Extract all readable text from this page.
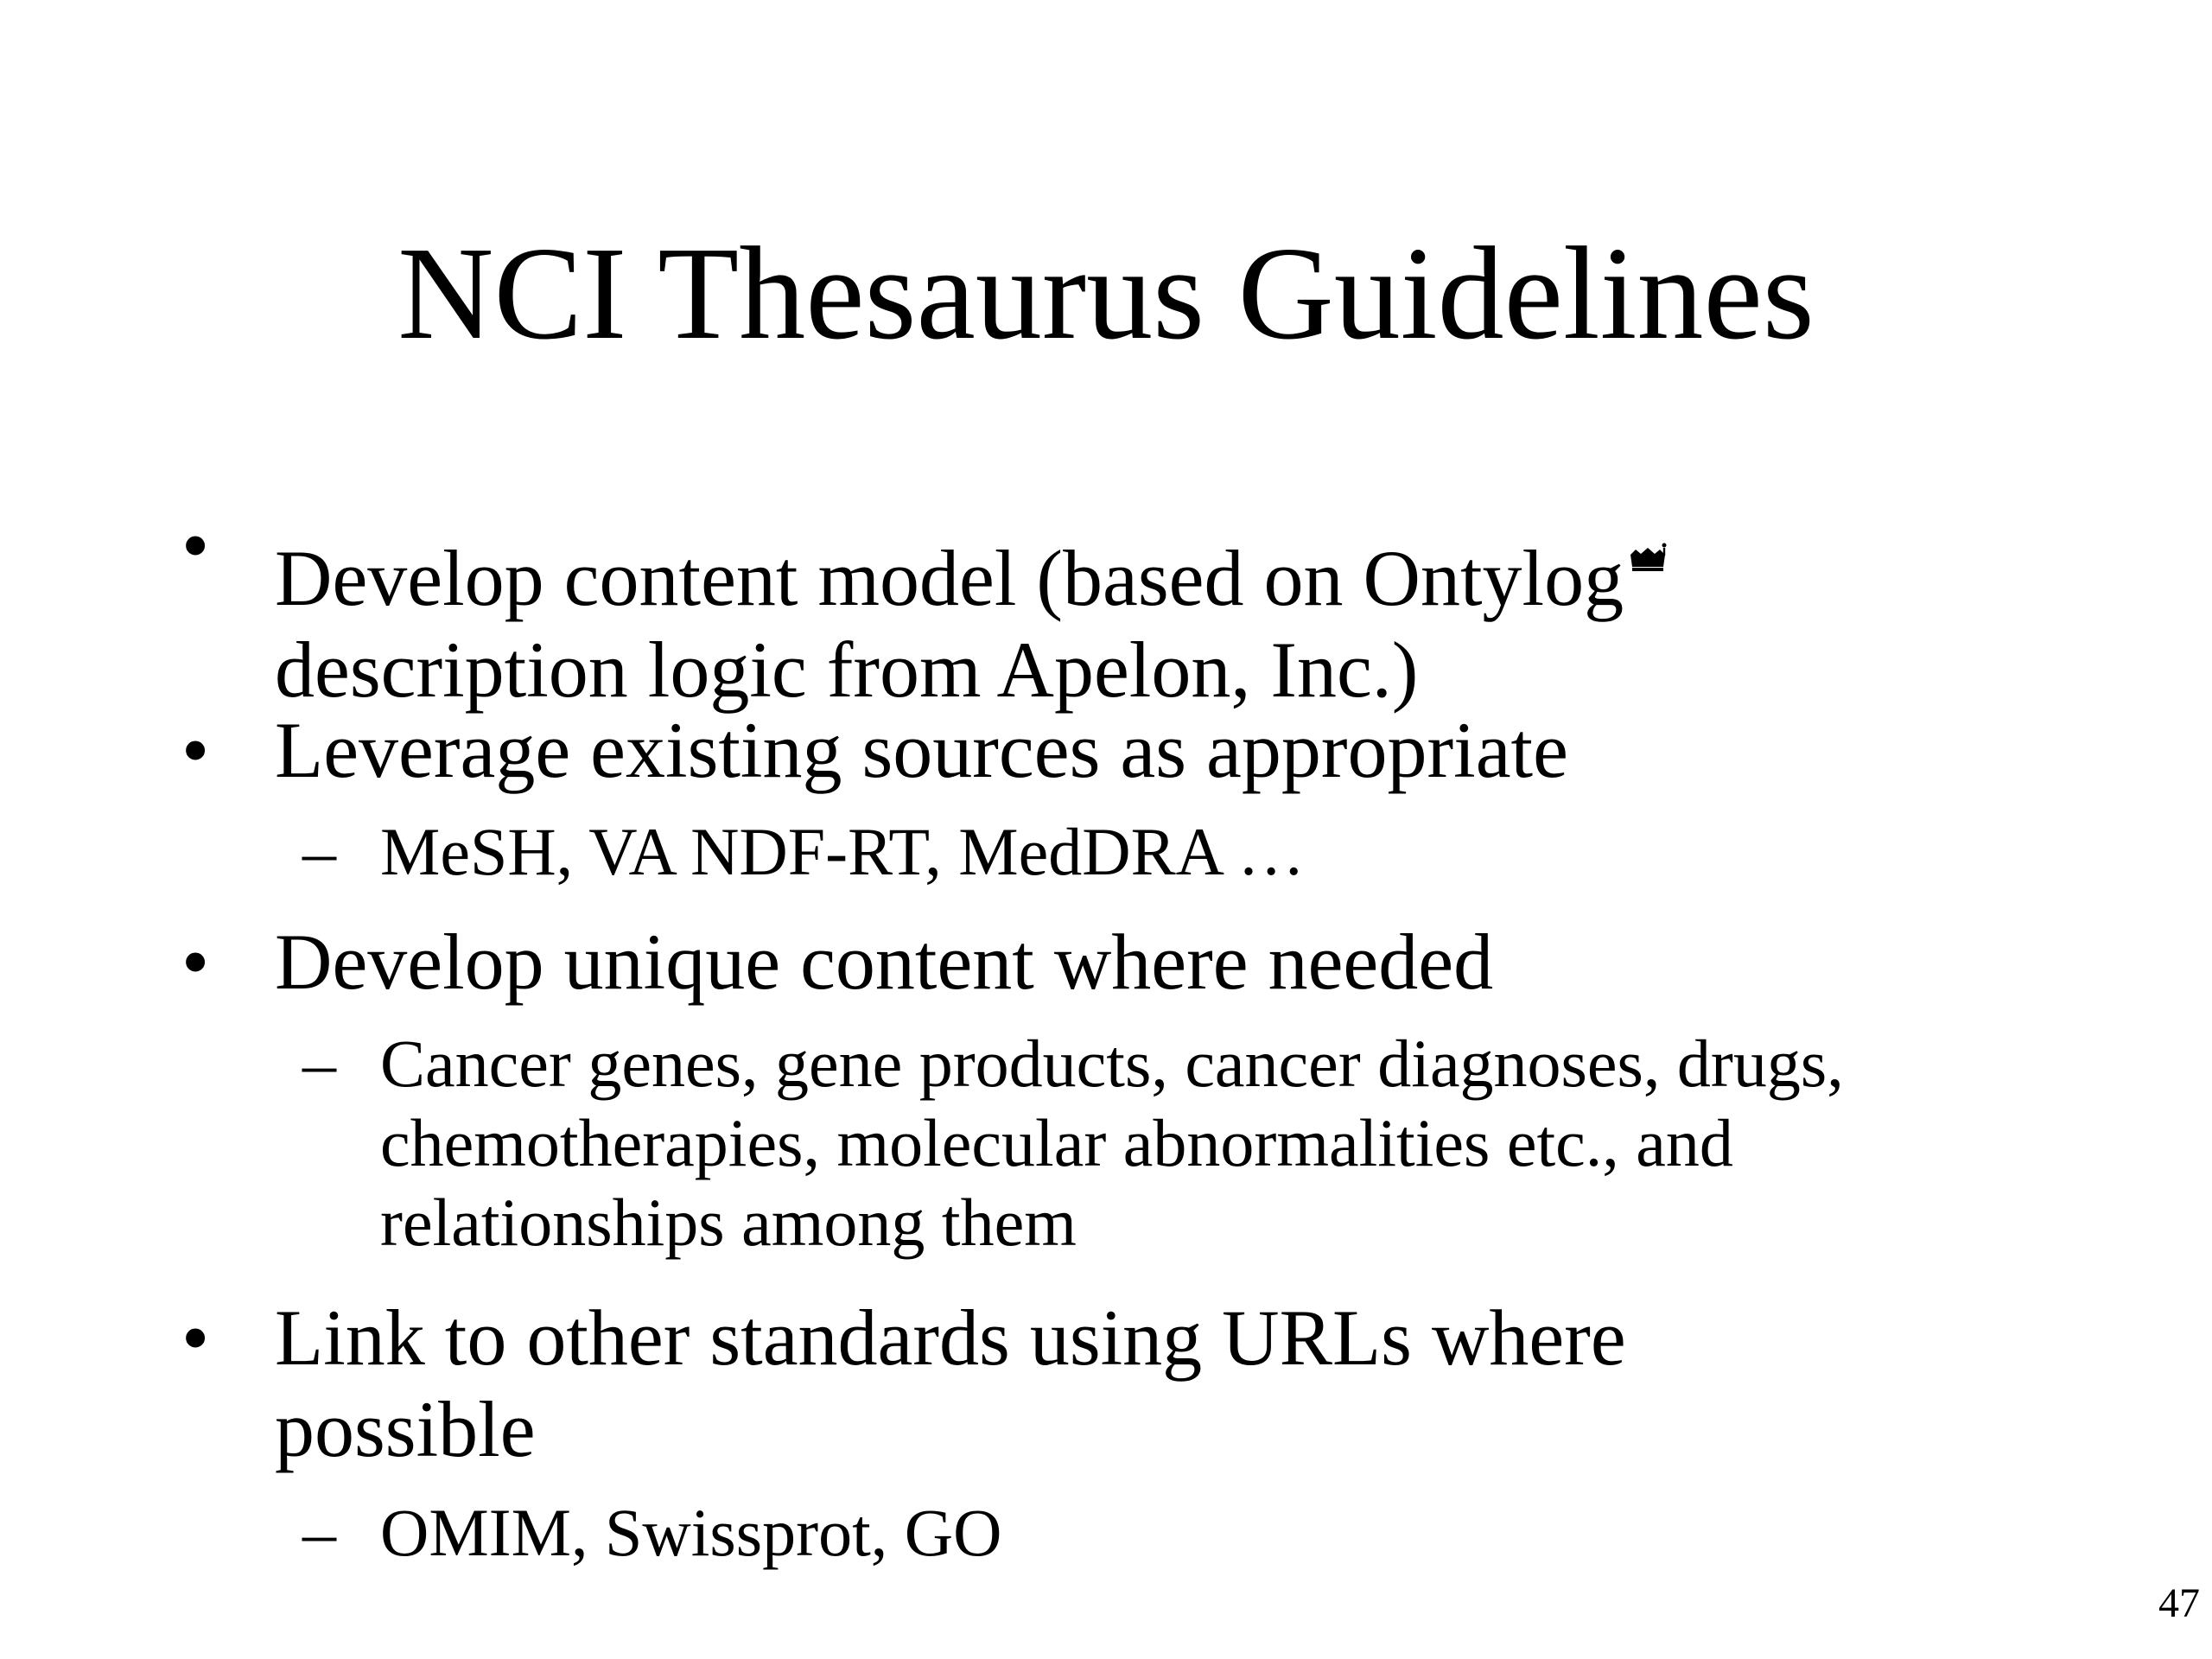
NCI Thesaurus Guidelines
• Develop content model (based on Ontylog
description logic from Apelon, Inc.)
• Leverage existing sources as appropriate
– MeSH, VA NDF-RT, MedDRA …
• Develop unique content where needed
– Cancer genes, gene products, cancer diagnoses, drugs,
chemotherapies, molecular abnormalities etc., and
relationships among them
• Link to other standards using URLs where
possible
– OMIM, Swissprot, GO
47
